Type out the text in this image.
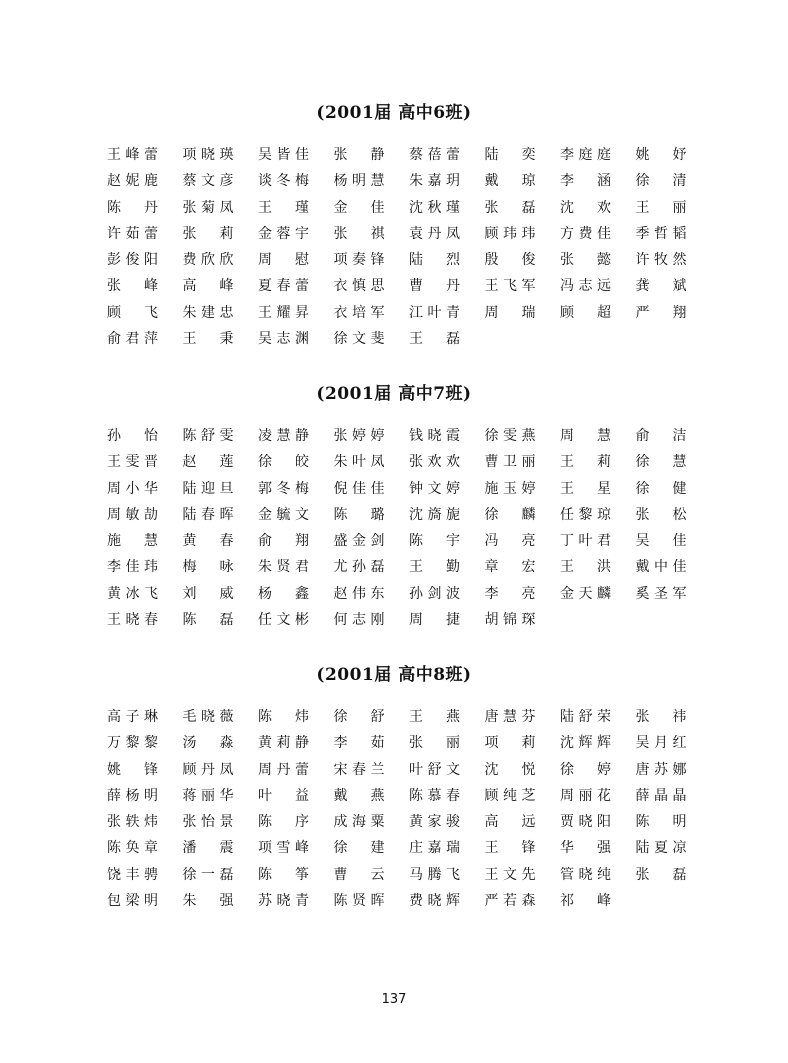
(2001届 高中6班)
王峰蕾 项晓瑛 吴皆佳 张　静 蔡蓓蕾 陆　奕 李庭庭 姚　妤
赵妮鹿 蔡文彦 谈冬梅 杨明慧 朱嘉玥 戴　琼 李　涵 徐　清
陈　丹 张菊凤 王　瑾 金　佳 沈秋瑾 张　磊 沈　欢 王　丽
许茹蕾 张　莉 金蓉宇 张　祺 袁丹凤 顾玮玮 方费佳 季哲韬
彭俊阳 费欣欣 周　慰 项奏锋 陆　烈 殷　俊 张　懿 许牧然
张　峰 高　峰 夏春蕾 衣慎思 曹　丹 王飞军 冯志远 龚　斌
顾　飞 朱建忠 王耀昇 衣培军 江叶青 周　瑞 顾　超 严　翔
俞君萍 王　秉 吴志渊 徐文斐 王　磊
(2001届 高中7班)
孙　怡 陈舒雯 凌慧静 张婷婷 钱晓霞 徐雯燕 周　慧 俞　洁
王雯晋 赵　莲 徐　皎 朱叶凤 张欢欢 曹卫丽 王　莉 徐　慧
周小华 陆迎旦 郭冬梅 倪佳佳 钟文婷 施玉婷 王　星 徐　健
周敏劼 陆春晖 金毓文 陈　璐 沈旖旎 徐　麟 任黎琼 张　松
施　慧 黄　春 俞　翔 盛金剑 陈　宇 冯　亮 丁叶君 吴　佳
李佳玮 梅　咏 朱贤君 尤孙磊 王　勤 章　宏 王　洪 戴中佳
黄冰飞 刘　威 杨　鑫 赵伟东 孙剑波 李　亮 金天麟 奚圣军
王晓春 陈　磊 任文彬 何志刚 周　捷 胡锦琛
(2001届 高中8班)
高子琳 毛晓薇 陈　炜 徐　舒 王　燕 唐慧芬 陆舒荣 张　祎
万黎黎 汤　淼 黄莉静 李　茹 张　丽 项　莉 沈辉辉 吴月红
姚　锋 顾丹凤 周丹蕾 宋春兰 叶舒文 沈　悦 徐　婷 唐苏娜
薛杨明 蒋丽华 叶　益 戴　燕 陈慕春 顾纯芝 周丽花 薛晶晶
张轶炜 张怡景 陈　序 成海粟 黄家骏 高　远 贾晓阳 陈　明
陈奂章 潘　震 项雪峰 徐　建 庄嘉瑞 王　锋 华　强 陆夏凉
饶丰骋 徐一磊 陈　筝 曹　云 马腾飞 王文先 管晓纯 张　磊
包梁明 朱　强 苏晓青 陈贤晖 费晓辉 严若森 祁　峰
137
